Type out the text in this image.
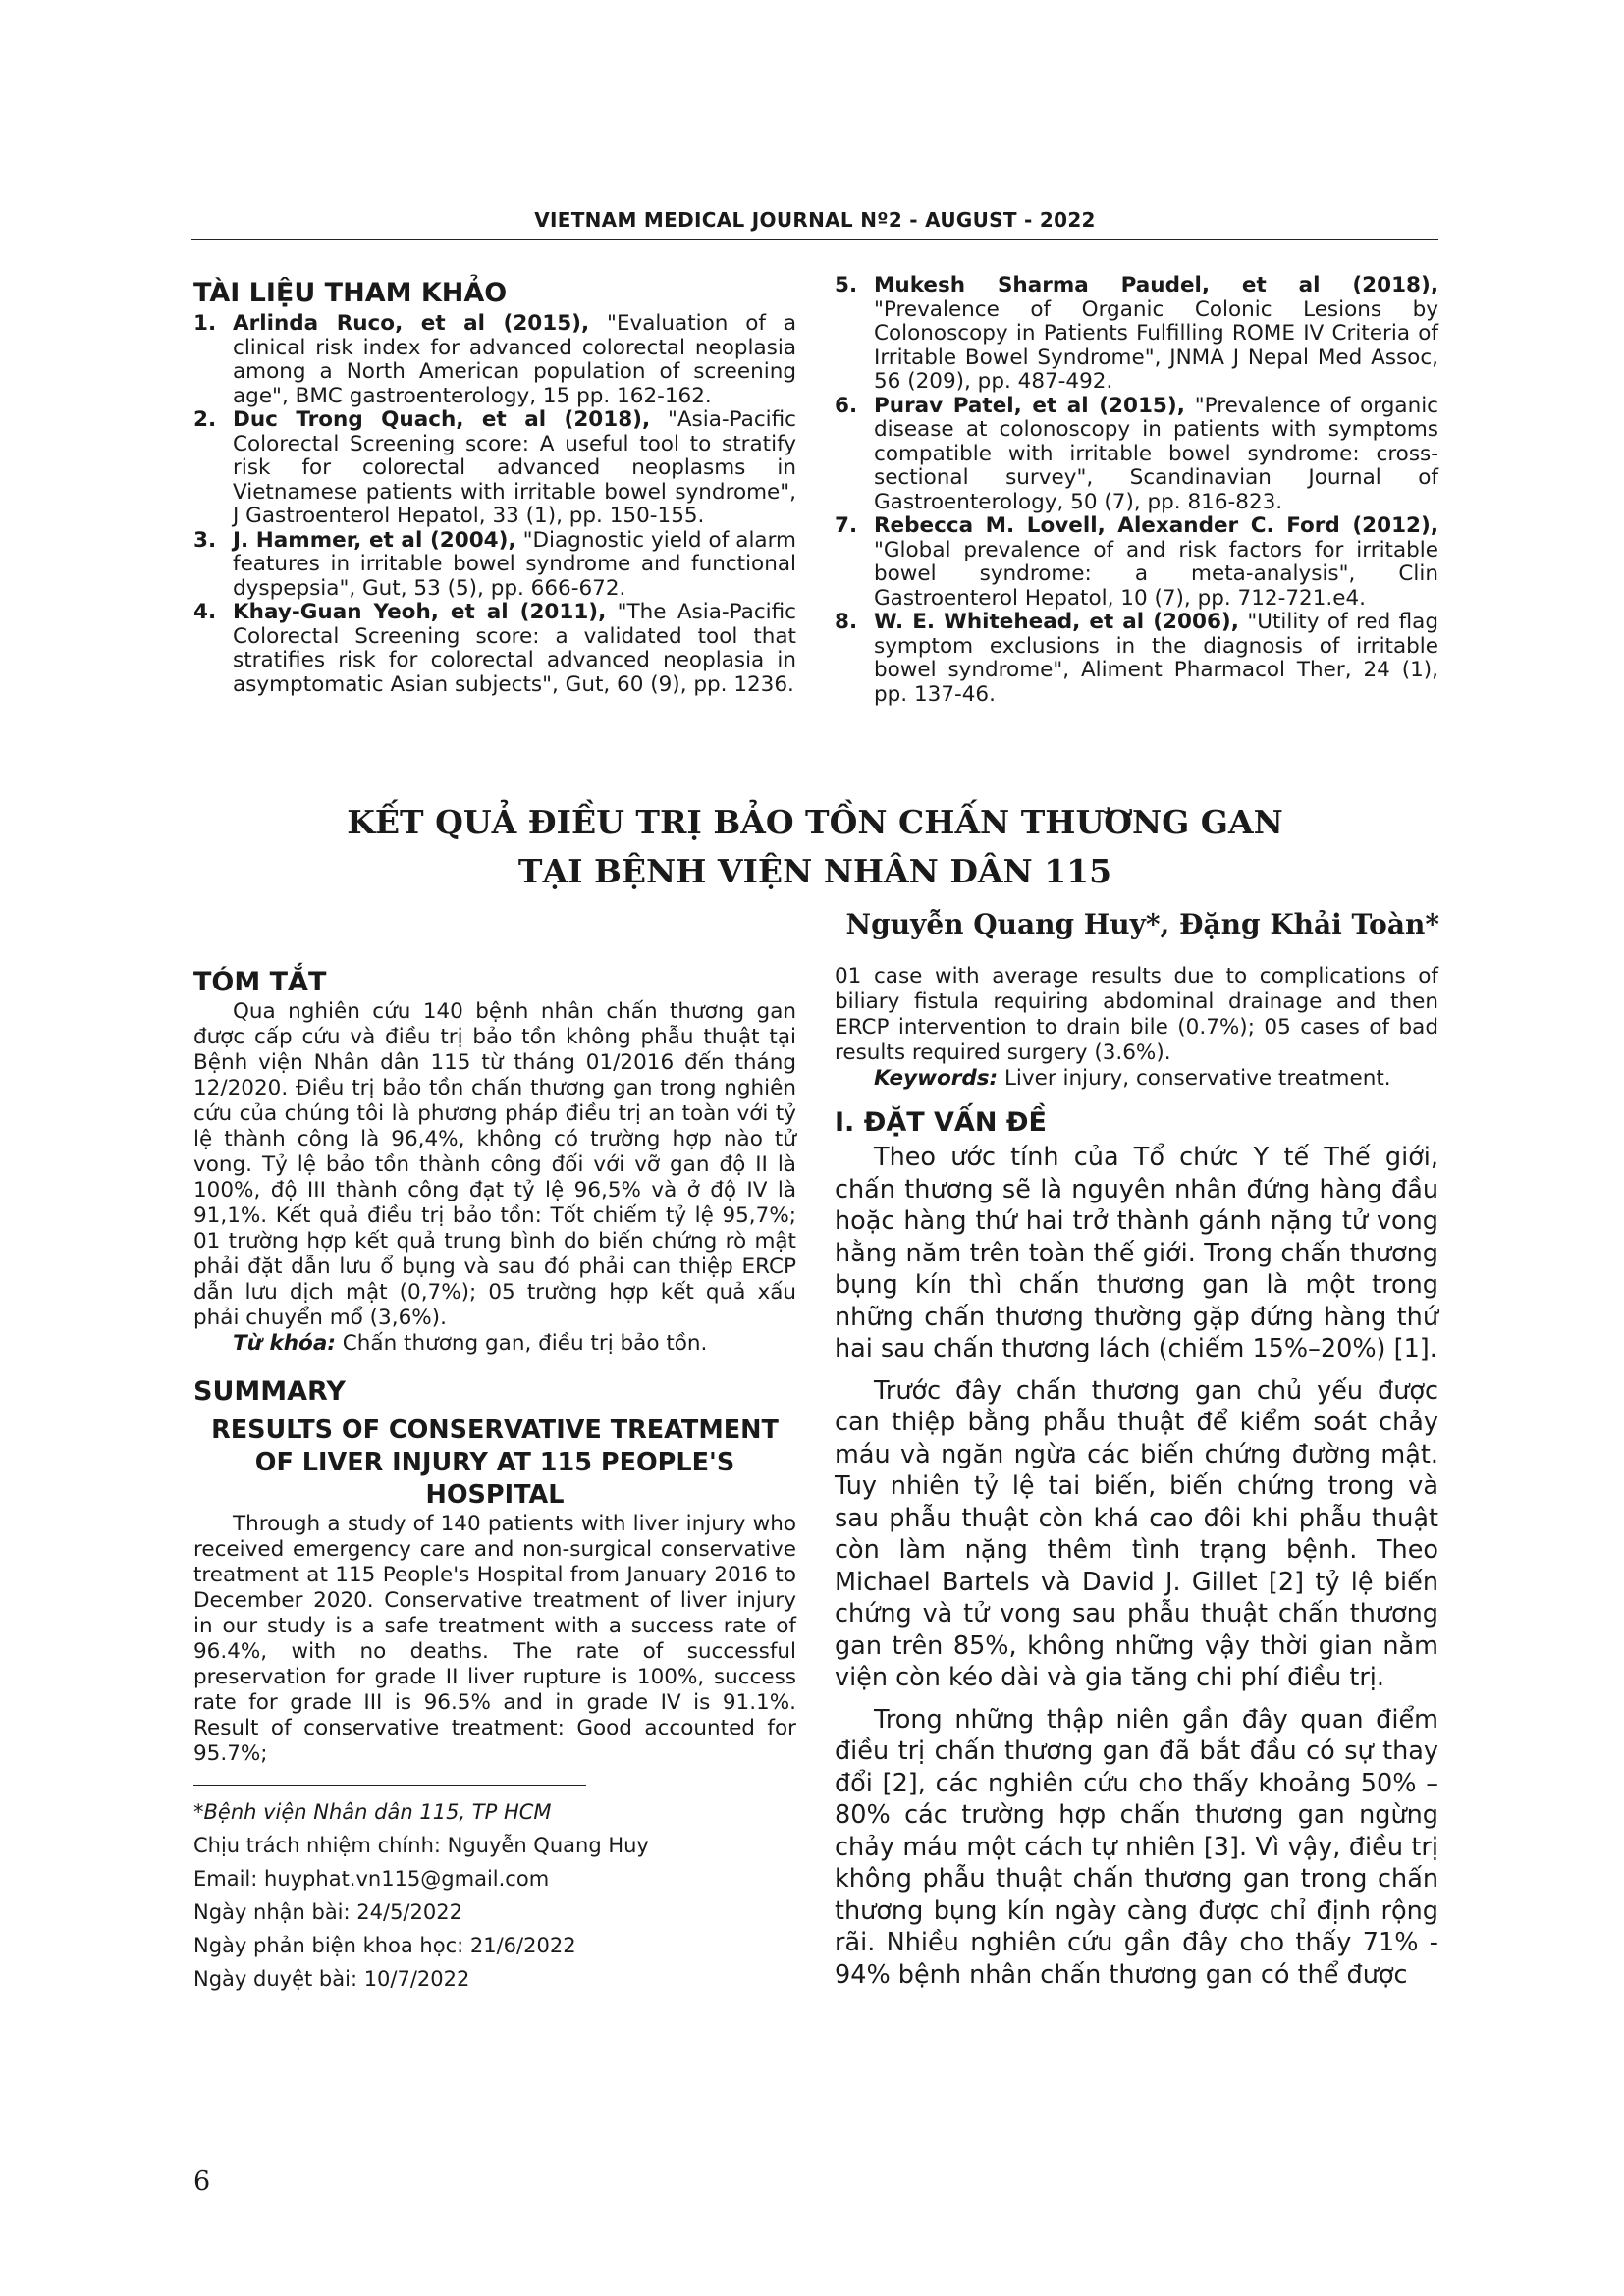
VIETNAM MEDICAL JOURNAL Nº2 - AUGUST - 2022
TÀI LIỆU THAM KHẢO
1. Arlinda Ruco, et al (2015), "Evaluation of a clinical risk index for advanced colorectal neoplasia among a North American population of screening age", BMC gastroenterology, 15 pp. 162-162.
2. Duc Trong Quach, et al (2018), "Asia-Pacific Colorectal Screening score: A useful tool to stratify risk for colorectal advanced neoplasms in Vietnamese patients with irritable bowel syndrome", J Gastroenterol Hepatol, 33 (1), pp. 150-155.
3. J. Hammer, et al (2004), "Diagnostic yield of alarm features in irritable bowel syndrome and functional dyspepsia", Gut, 53 (5), pp. 666-672.
4. Khay-Guan Yeoh, et al (2011), "The Asia-Pacific Colorectal Screening score: a validated tool that stratifies risk for colorectal advanced neoplasia in asymptomatic Asian subjects", Gut, 60 (9), pp. 1236.
5. Mukesh Sharma Paudel, et al (2018), "Prevalence of Organic Colonic Lesions by Colonoscopy in Patients Fulfilling ROME IV Criteria of Irritable Bowel Syndrome", JNMA J Nepal Med Assoc, 56 (209), pp. 487-492.
6. Purav Patel, et al (2015), "Prevalence of organic disease at colonoscopy in patients with symptoms compatible with irritable bowel syndrome: cross-sectional survey", Scandinavian Journal of Gastroenterology, 50 (7), pp. 816-823.
7. Rebecca M. Lovell, Alexander C. Ford (2012), "Global prevalence of and risk factors for irritable bowel syndrome: a meta-analysis", Clin Gastroenterol Hepatol, 10 (7), pp. 712-721.e4.
8. W. E. Whitehead, et al (2006), "Utility of red flag symptom exclusions in the diagnosis of irritable bowel syndrome", Aliment Pharmacol Ther, 24 (1), pp. 137-46.
KẾT QUẢ ĐIỀU TRỊ BẢO TỒN CHẤN THƯƠNG GAN
TẠI BỆNH VIỆN NHÂN DÂN 115
Nguyễn Quang Huy*, Đặng Khải Toàn*
TÓM TẮT

Qua nghiên cứu 140 bệnh nhân chấn thương gan được cấp cứu và điều trị bảo tồn không phẫu thuật tại Bệnh viện Nhân dân 115 từ tháng 01/2016 đến tháng 12/2020. Điều trị bảo tồn chấn thương gan trong nghiên cứu của chúng tôi là phương pháp điều trị an toàn với tỷ lệ thành công là 96,4%, không có trường hợp nào tử vong. Tỷ lệ bảo tồn thành công đối với vỡ gan độ II là 100%, độ III thành công đạt tỷ lệ 96,5% và ở độ IV là 91,1%. Kết quả điều trị bảo tồn: Tốt chiếm tỷ lệ 95,7%; 01 trường hợp kết quả trung bình do biến chứng rò mật phải đặt dẫn lưu ổ bụng và sau đó phải can thiệp ERCP dẫn lưu dịch mật (0,7%); 05 trường hợp kết quả xấu phải chuyển mổ (3,6%).

Từ khóa: Chấn thương gan, điều trị bảo tồn.

SUMMARY
RESULTS OF CONSERVATIVE TREATMENT
OF LIVER INJURY AT 115 PEOPLE'S HOSPITAL

Through a study of 140 patients with liver injury who received emergency care and non-surgical conservative treatment at 115 People's Hospital from January 2016 to December 2020. Conservative treatment of liver injury in our study is a safe treatment with a success rate of 96.4%, with no deaths. The rate of successful preservation for grade II liver rupture is 100%, success rate for grade III is 96.5% and in grade IV is 91.1%. Result of conservative treatment: Good accounted for 95.7%;

01 case with average results due to complications of biliary fistula requiring abdominal drainage and then ERCP intervention to drain bile (0.7%); 05 cases of bad results required surgery (3.6%).

Keywords: Liver injury, conservative treatment.

I. ĐẶT VẤN ĐỀ

Theo ước tính của Tổ chức Y tế Thế giới, chấn thương sẽ là nguyên nhân đứng hàng đầu hoặc hàng thứ hai trở thành gánh nặng tử vong hằng năm trên toàn thế giới. Trong chấn thương bụng kín thì chấn thương gan là một trong những chấn thương thường gặp đứng hàng thứ hai sau chấn thương lách (chiếm 15%–20%) [1].

Trước đây chấn thương gan chủ yếu được can thiệp bằng phẫu thuật để kiểm soát chảy máu và ngăn ngừa các biến chứng đường mật. Tuy nhiên tỷ lệ tai biến, biến chứng trong và sau phẫu thuật còn khá cao đôi khi phẫu thuật còn làm nặng thêm tình trạng bệnh. Theo Michael Bartels và David J. Gillet [2] tỷ lệ biến chứng và tử vong sau phẫu thuật chấn thương gan trên 85%, không những vậy thời gian nằm viện còn kéo dài và gia tăng chi phí điều trị.

Trong những thập niên gần đây quan điểm điều trị chấn thương gan đã bắt đầu có sự thay đổi [2], các nghiên cứu cho thấy khoảng 50% – 80% các trường hợp chấn thương gan ngừng chảy máu một cách tự nhiên [3]. Vì vậy, điều trị không phẫu thuật chấn thương gan trong chấn thương bụng kín ngày càng được chỉ định rộng rãi. Nhiều nghiên cứu gần đây cho thấy 71% - 94% bệnh nhân chấn thương gan có thể được

*Bệnh viện Nhân dân 115, TP HCM
Chịu trách nhiệm chính: Nguyễn Quang Huy
Email: huyphat.vn115@gmail.com
Ngày nhận bài: 24/5/2022
Ngày phản biện khoa học: 21/6/2022
Ngày duyệt bài: 10/7/2022
6
